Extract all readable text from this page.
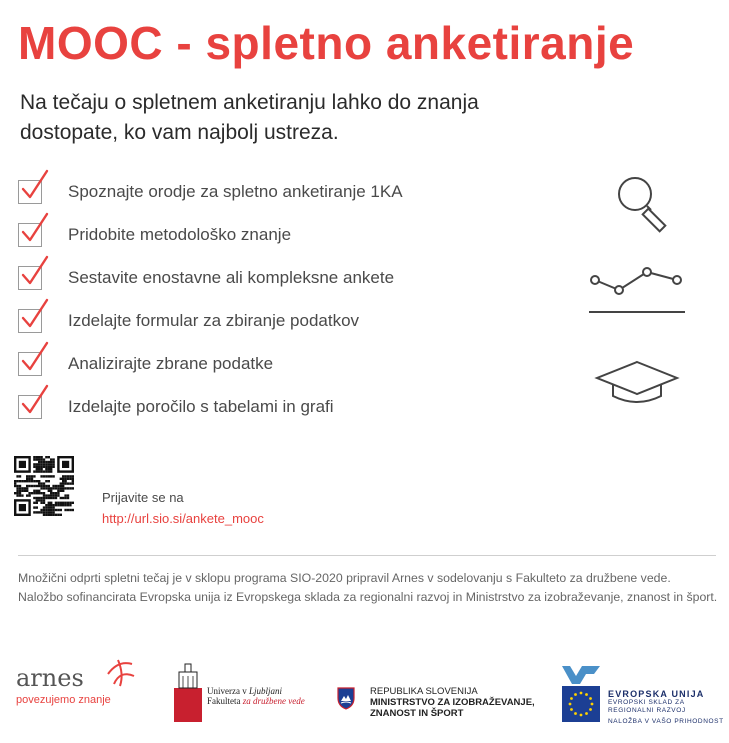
MOOC - spletno anketiranje
Na tečaju o spletnem anketiranju lahko do znanja dostopate, ko vam najbolj ustreza.
Spoznajte orodje za spletno anketiranje 1KA
Pridobite metodološko znanje
Sestavite enostavne ali kompleksne ankete
Izdelajte formular za zbiranje podatkov
Analizirajte zbrane podatke
Izdelajte poročilo s tabelami in grafi
Prijavite se na
http://url.sio.si/ankete_mooc
Množični odprti spletni tečaj je v sklopu programa SIO-2020 pripravil Arnes v sodelovanju s Fakulteto za družbene vede. Naložbo sofinancirata Evropska unija iz Evropskega sklada za regionalni razvoj in Ministrstvo za izobraževanje, znanost in šport.
arnes
povezujemo znanje
Univerza v Ljubljani
Fakulteta za družbene vede
REPUBLIKA SLOVENIJA
MINISTRSTVO ZA IZOBRAŽEVANJE,
ZNANOST IN ŠPORT
EVROPSKA UNIJA
EVROPSKI SKLAD ZA
REGIONALNI RAZVOJ
NALOŽBA V VAŠO PRIHODNOST
